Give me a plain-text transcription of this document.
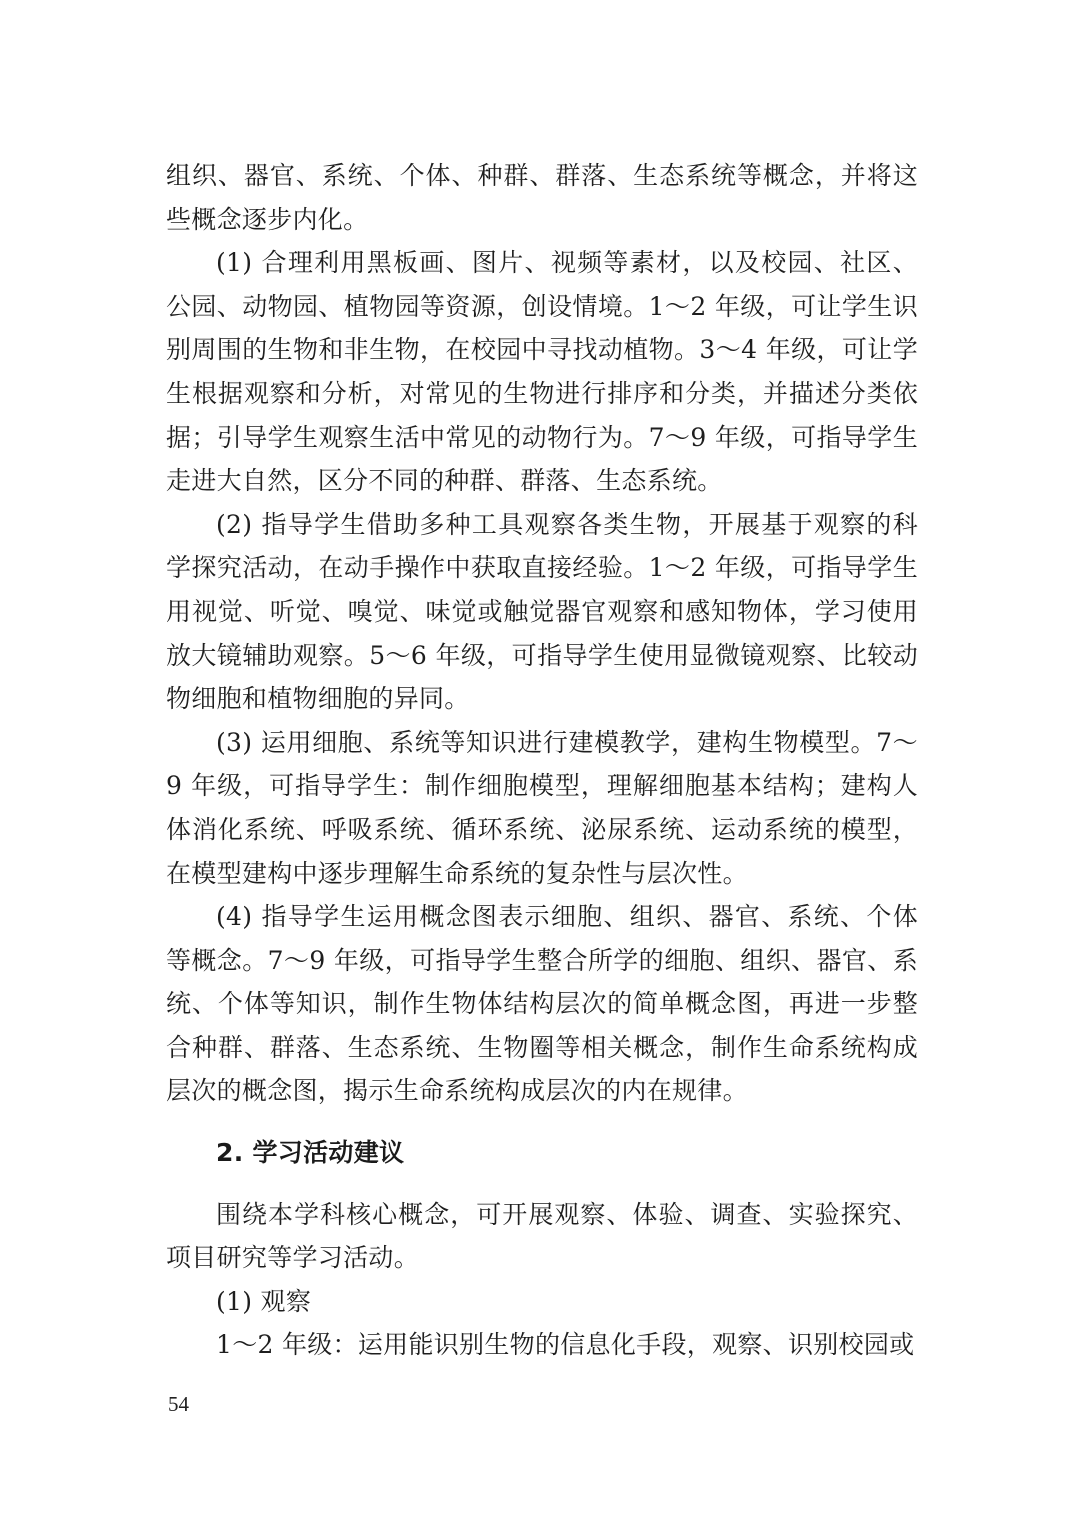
组织、器官、系统、个体、种群、群落、生态系统等概念，并将这些概念逐步内化。

(1) 合理利用黑板画、图片、视频等素材，以及校园、社区、公园、动物园、植物园等资源，创设情境。1～2 年级，可让学生识别周围的生物和非生物，在校园中寻找动植物。3～4 年级，可让学生根据观察和分析，对常见的生物进行排序和分类，并描述分类依据；引导学生观察生活中常见的动物行为。7～9 年级，可指导学生走进大自然，区分不同的种群、群落、生态系统。

(2) 指导学生借助多种工具观察各类生物，开展基于观察的科学探究活动，在动手操作中获取直接经验。1～2 年级，可指导学生用视觉、听觉、嗅觉、味觉或触觉器官观察和感知物体，学习使用放大镜辅助观察。5～6 年级，可指导学生使用显微镜观察、比较动物细胞和植物细胞的异同。

(3) 运用细胞、系统等知识进行建模教学，建构生物模型。7～9 年级，可指导学生：制作细胞模型，理解细胞基本结构；建构人体消化系统、呼吸系统、循环系统、泌尿系统、运动系统的模型，在模型建构中逐步理解生命系统的复杂性与层次性。

(4) 指导学生运用概念图表示细胞、组织、器官、系统、个体等概念。7～9 年级，可指导学生整合所学的细胞、组织、器官、系统、个体等知识，制作生物体结构层次的简单概念图，再进一步整合种群、群落、生态系统、生物圈等相关概念，制作生命系统构成层次的概念图，揭示生命系统构成层次的内在规律。

2. 学习活动建议

围绕本学科核心概念，可开展观察、体验、调查、实验探究、项目研究等学习活动。

(1) 观察

1～2 年级：运用能识别生物的信息化手段，观察、识别校园或

54
